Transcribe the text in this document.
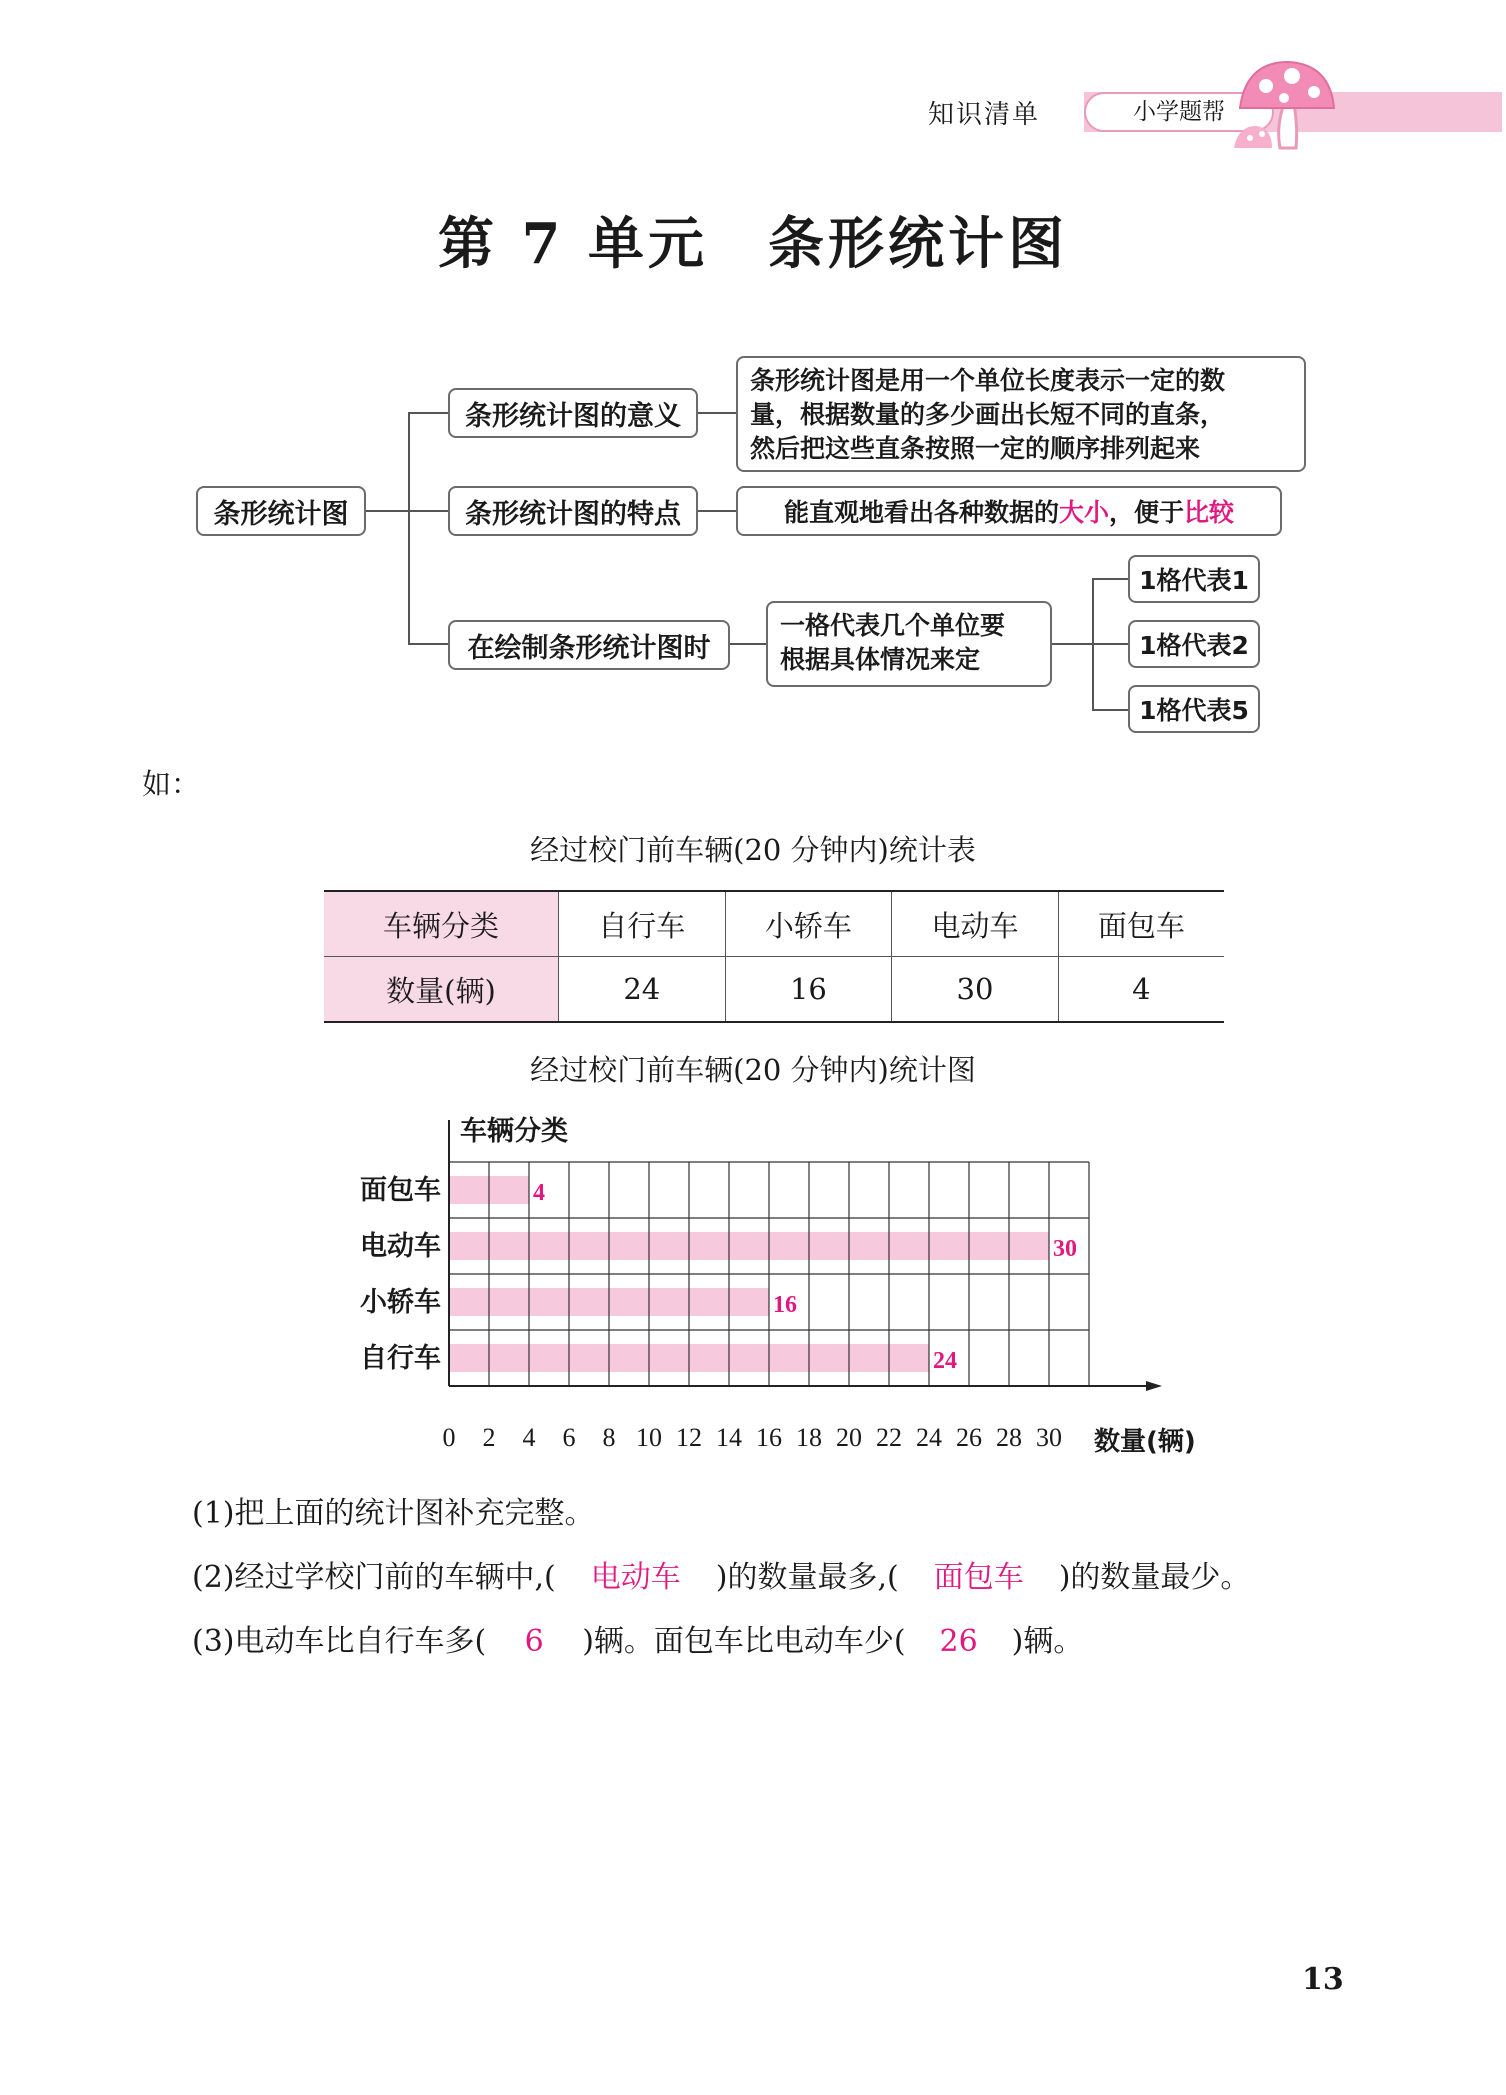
知识清单	小学题帮
第 7 单元 条形统计图
条形统计图
条形统计图的意义
条形统计图是用一个单位长度表示一定的数
量，根据数量的多少画出长短不同的直条，
然后把这些直条按照一定的顺序排列起来
条形统计图的特点	能直观地看出各种数据的 大小 ，便于 比较
在绘制条形统计图时
一格代表几个单位要
根据具体情况来定
1格代表1
1格代表2
1格代表5
如：
经过校门前车辆(20 分钟内)统计表
车辆分类	自行车	小轿车	电动车	面包车
数量(辆)	24	16	30	4
经过校门前车辆(20 分钟内)统计图
4
面包车
30
电动车
16
小轿车
24
自行车
车辆分类
数量(辆)
0 2 4 6 8 10 12 14 16 18 20 22 24 26 28 30
(1)把上面的统计图补充完整。
(2)经过学校门前的车辆中,( 电动车 )的数量最多,( 面包车 )的数量最少。
(3)电动车比自行车多( 6 )辆。面包车比电动车少( 26 )辆。
13
